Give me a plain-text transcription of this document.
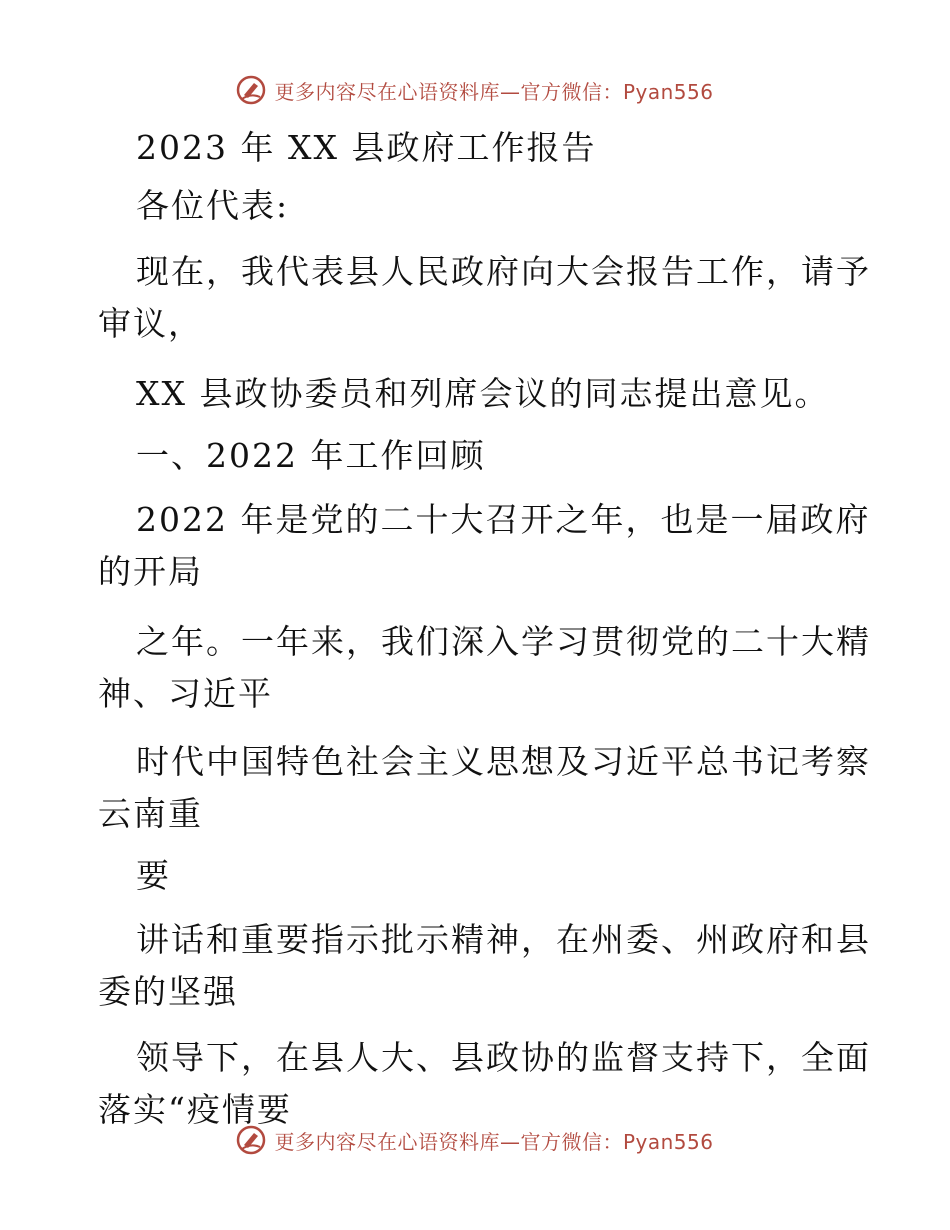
更多内容尽在心语资料库—官方微信：Pyan556
2023 年 XX 县政府工作报告
各位代表:
现在，我代表县人民政府向大会报告工作，请予
审议，
XX 县政协委员和列席会议的同志提出意见。
一、2022 年工作回顾
2022 年是党的二十大召开之年，也是一届政府
的开局
之年。一年来，我们深入学习贯彻党的二十大精
神、习近平
时代中国特色社会主义思想及习近平总书记考察
云南重
要
讲话和重要指示批示精神，在州委、州政府和县
委的坚强
领导下，在县人大、县政协的监督支持下，全面
落实“疫情要
更多内容尽在心语资料库—官方微信：Pyan556
